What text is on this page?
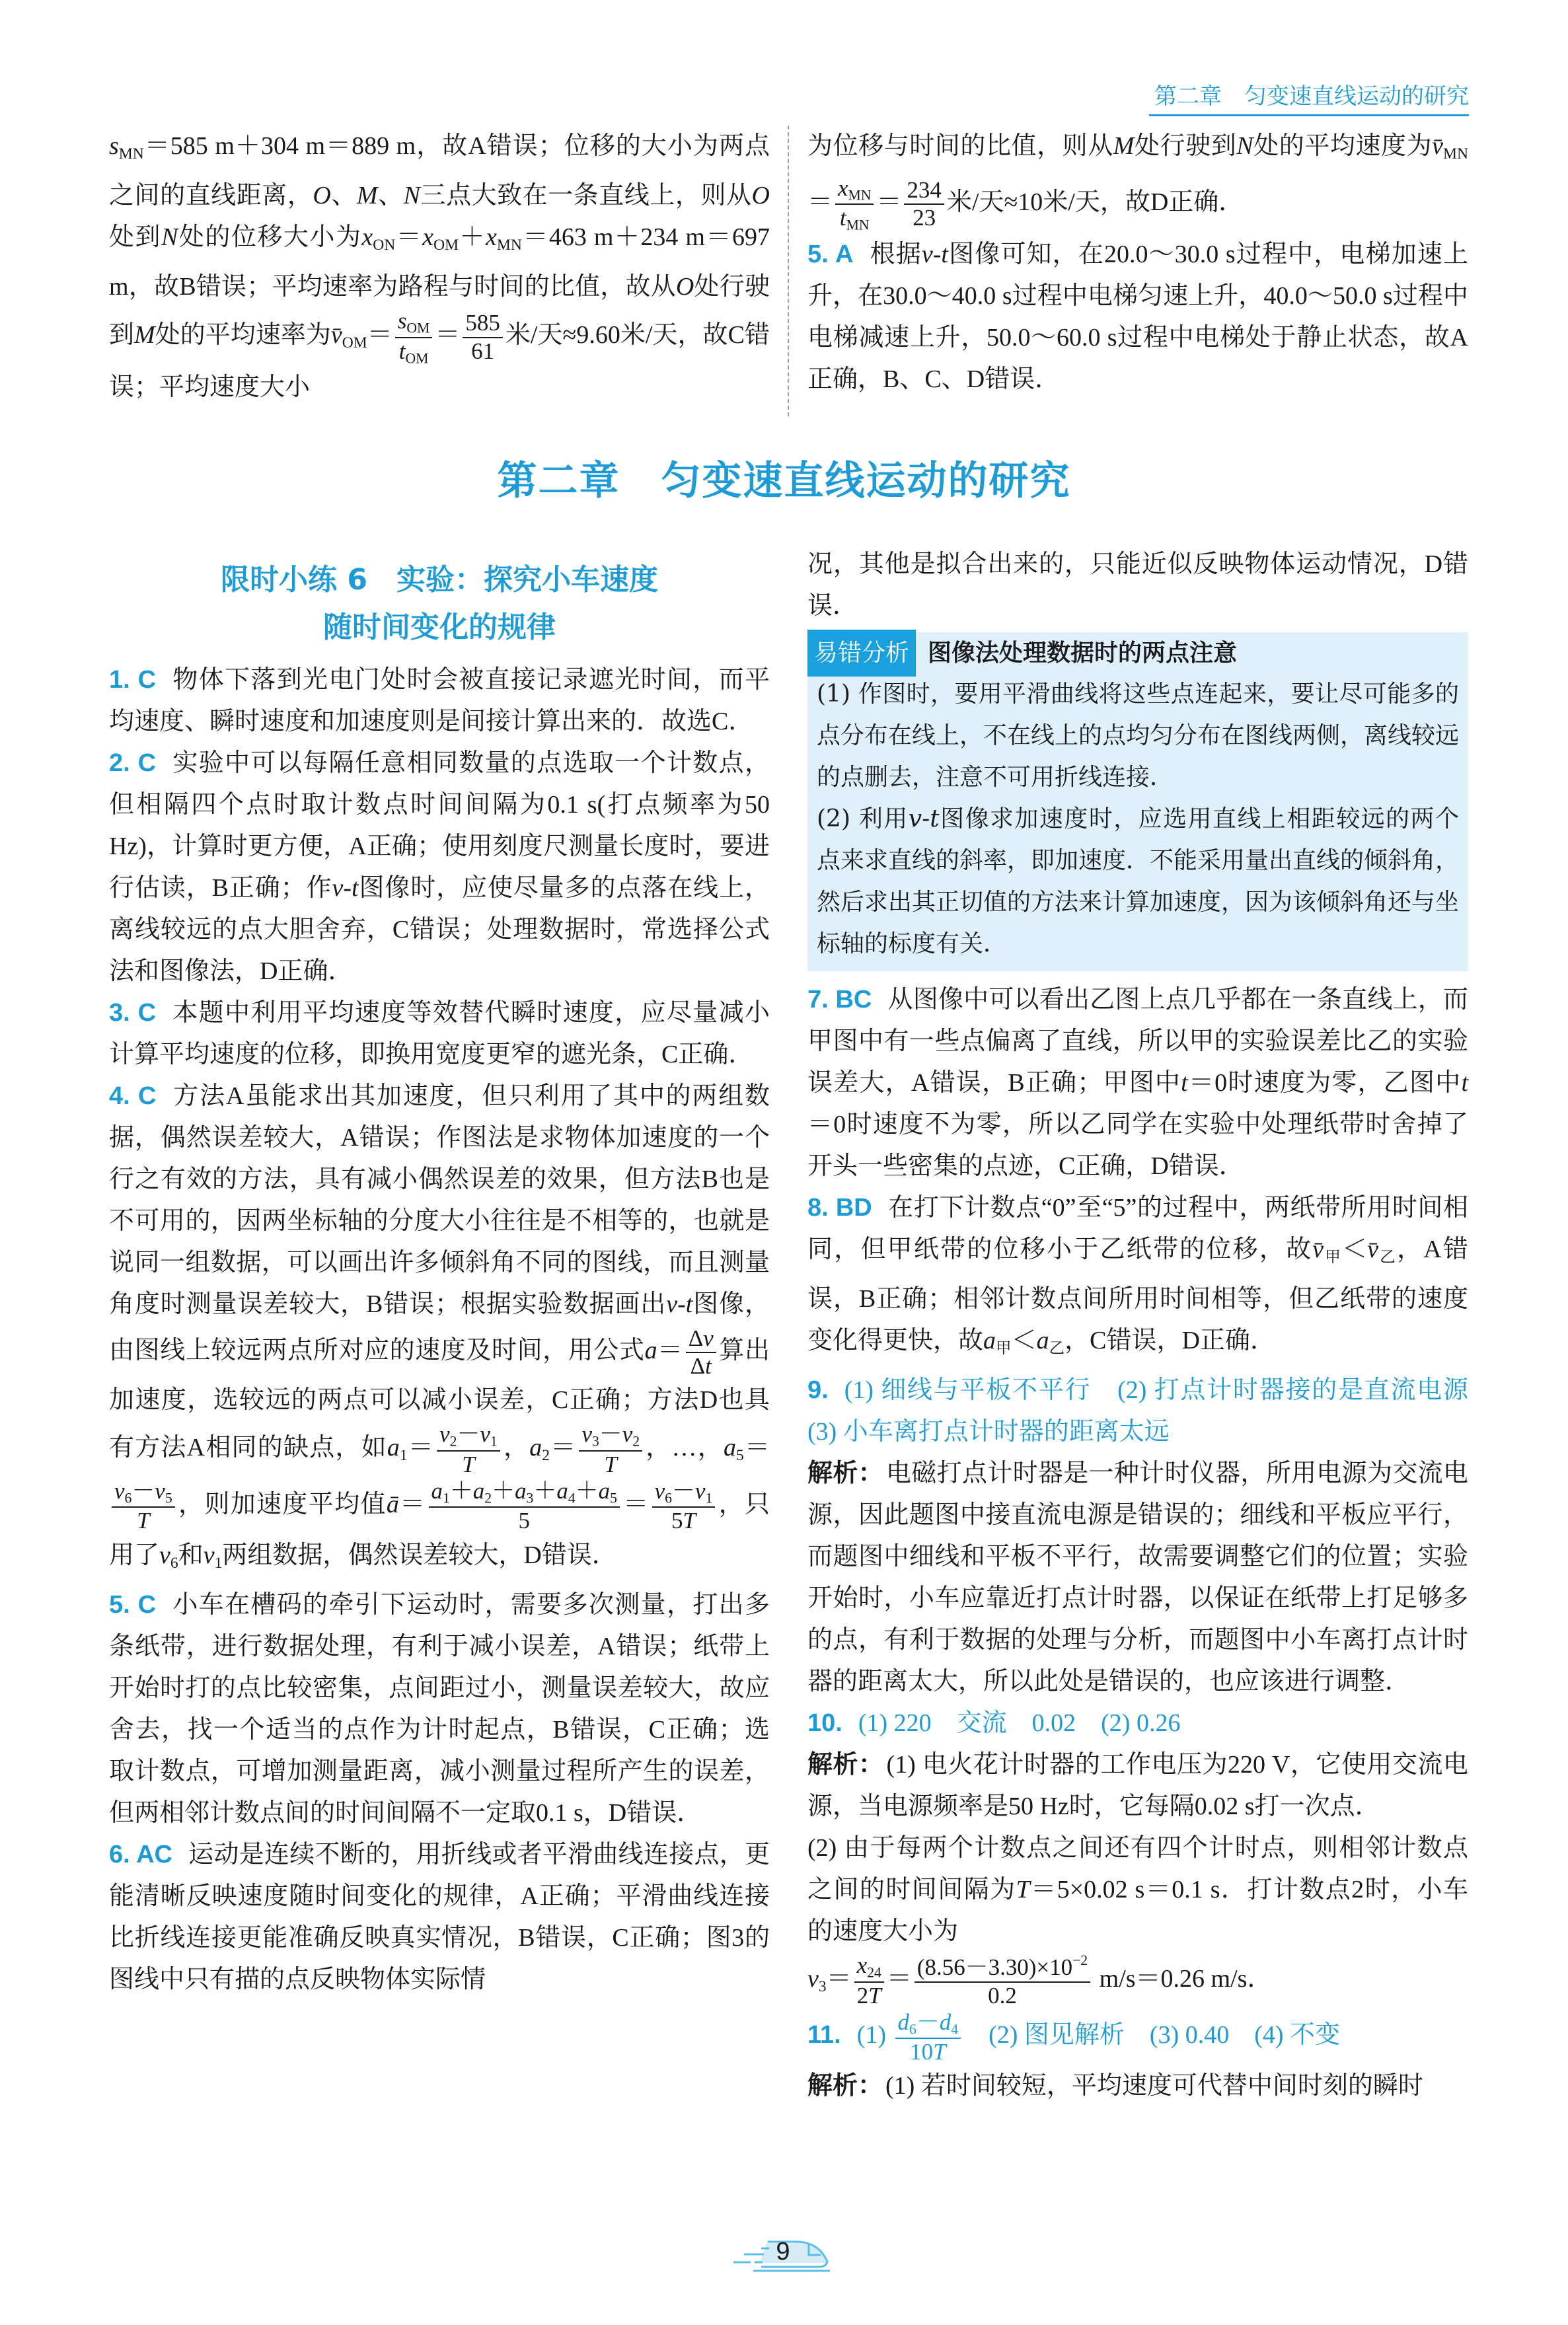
第二章　匀变速直线运动的研究
$s_{MN}=585$ m＋304 m＝889 m，故A错误；位移的大小为两点之间的直线距离，O、M、N三点大致在一条直线上，则从O处到N处的位移大小为$x_{ON}=x_{OM}+x_{MN}=463$ m＋234 m＝697 m，故B错误；平均速率为路程与时间的比值，故从O处行驶到M处的平均速率为$v̄_{OM}= \frac{s_{OM}}{t_{OM}} = \frac{585}{61}$ 米/天≈9.60米/天，故C错误；平均速度大小
为位移与时间的比值，则从M处行驶到N处的平均速度为$v̄_{MN}= \frac{x_{MN}}{t_{MN}} = \frac{234}{23}$ 米/天≈10米/天，故D正确．
5. A 根据v-t图像可知，在20.0～30.0 s过程中，电梯加速上升，在30.0～40.0 s过程中电梯匀速上升，40.0～50.0 s过程中电梯减速上升，50.0～60.0 s过程中电梯处于静止状态，故A正确，B、C、D错误．
第二章　匀变速直线运动的研究
限时小练 6　实验：探究小车速度
随时间变化的规律
1. C 物体下落到光电门处时会被直接记录遮光时间，而平均速度、瞬时速度和加速度则是间接计算出来的．故选C．
2. C 实验中可以每隔任意相同数量的点选取一个计数点，但相隔四个点时取计数点时间间隔为0.1 s(打点频率为50 Hz)，计算时更方便，A正确；使用刻度尺测量长度时，要进行估读，B正确；作v-t图像时，应使尽量多的点落在线上，离线较远的点大胆舍弃，C错误；处理数据时，常选择公式法和图像法，D正确．
3. C 本题中利用平均速度等效替代瞬时速度，应尽量减小计算平均速度的位移，即换用宽度更窄的遮光条，C正确．
4. C 方法A虽能求出其加速度，但只利用了其中的两组数据，偶然误差较大，A错误；作图法是求物体加速度的一个行之有效的方法，具有减小偶然误差的效果，但方法B也是不可用的，因两坐标轴的分度大小往往是不相等的，也就是说同一组数据，可以画出许多倾斜角不同的图线，而且测量角度时测量误差较大，B错误；根据实验数据画出v-t图像，由图线上较远两点所对应的速度及时间，用公式$a= \frac{\Delta v}{\Delta t}$ 算出加速度，选较远的两点可以减小误差，C正确；方法D也具有方法A相同的缺点，如$a_1= \frac{v_2-v_1}{T}$ ，$a_2= \frac{v_3-v_2}{T}$ ，…，$a_5=$
$\frac{v_6-v_5}{T}$ ，则加速度平均值ā＝ $\frac{a_1+a_2+a_3+a_4+a_5}{5} = \frac{v_6-v_1}{5T}$ ，只用了$v_6$和$v_1$两组数据，偶然误差较大，D错误．
5. C 小车在槽码的牵引下运动时，需要多次测量，打出多条纸带，进行数据处理，有利于减小误差，A错误；纸带上开始时打的点比较密集，点间距过小，测量误差较大，故应舍去，找一个适当的点作为计时起点，B错误，C正确；选取计数点，可增加测量距离，减小测量过程所产生的误差，但两相邻计数点间的时间间隔不一定取0.1 s，D错误．
6. AC 运动是连续不断的，用折线或者平滑曲线连接点，更能清晰反映速度随时间变化的规律，A正确；平滑曲线连接比折线连接更能准确反映真实情况，B错误，C正确；图3的图线中只有描的点反映物体实际情
况，其他是拟合出来的，只能近似反映物体运动情况，D错误．
易错分析 图像法处理数据时的两点注意
(1) 作图时，要用平滑曲线将这些点连起来，要让尽可能多的点分布在线上，不在线上的点均匀分布在图线两侧，离线较远的点删去，注意不可用折线连接．
(2) 利用v-t图像求加速度时，应选用直线上相距较远的两个点来求直线的斜率，即加速度．不能采用量出直线的倾斜角，然后求出其正切值的方法来计算加速度，因为该倾斜角还与坐标轴的标度有关．
7. BC 从图像中可以看出乙图上点几乎都在一条直线上，而甲图中有一些点偏离了直线，所以甲的实验误差比乙的实验误差大，A错误，B正确；甲图中t＝0时速度为零，乙图中t＝0时速度不为零，所以乙同学在实验中处理纸带时舍掉了开头一些密集的点迹，C正确，D错误．
8. BD 在打下计数点“0”至“5”的过程中，两纸带所用时间相同，但甲纸带的位移小于乙纸带的位移，故$v̄_甲<v̄_乙$，A错误，B正确；相邻计数点间所用时间相等，但乙纸带的速度变化得更快，故$a_甲<a_乙$，C错误，D正确．
9. (1) 细线与平板不平行　(2) 打点计时器接的是直流电源　(3) 小车离打点计时器的距离太远
解析： 电磁打点计时器是一种计时仪器，所用电源为交流电源，因此题图中接直流电源是错误的；细线和平板应平行，而题图中细线和平板不平行，故需要调整它们的位置；实验开始时，小车应靠近打点计时器，以保证在纸带上打足够多的点，有利于数据的处理与分析，而题图中小车离打点计时器的距离太大，所以此处是错误的，也应该进行调整．
10. (1) 220　交流　0.02　(2) 0.26
解析： (1) 电火花计时器的工作电压为220 V，它使用交流电源，当电源频率是50 Hz时，它每隔0.02 s打一次点．
(2) 由于每两个计数点之间还有四个计时点，则相邻计数点之间的时间间隔为T＝5×0.02 s＝0.1 s．打计数点2时，小车的速度大小为
$v_3= \frac{x_{24}}{2T} = \frac{(8.56-3.30)\times 10^{-2}}{0.2} m/s=0.26$ m/s．
11. $(1) \frac{d_6-d_4}{10T}$ 　(2) 图见解析　(3) 0.40　(4) 不变
解析： (1) 若时间较短，平均速度可代替中间时刻的瞬时
9
